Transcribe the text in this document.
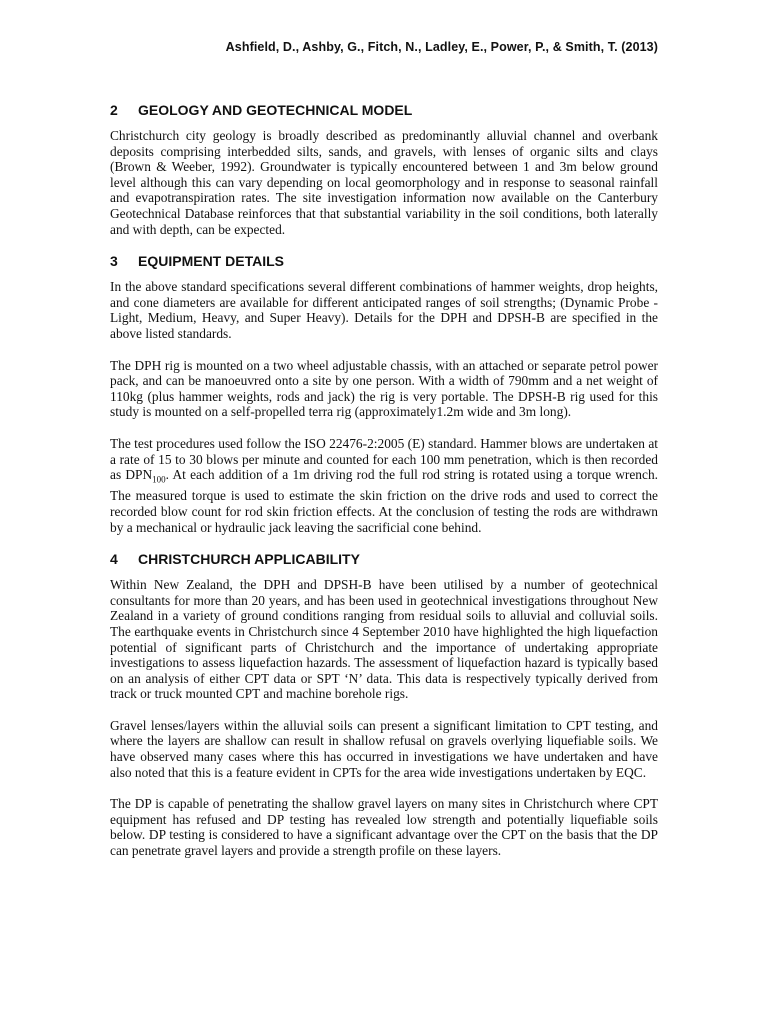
Ashfield, D., Ashby, G., Fitch, N., Ladley, E., Power, P., & Smith, T. (2013)
2 GEOLOGY AND GEOTECHNICAL MODEL

Christchurch city geology is broadly described as predominantly alluvial channel and overbank deposits comprising interbedded silts, sands, and gravels, with lenses of organic silts and clays (Brown & Weeber, 1992). Groundwater is typically encountered between 1 and 3m below ground level although this can vary depending on local geomorphology and in response to seasonal rainfall and evapotranspiration rates. The site investigation information now available on the Canterbury Geotechnical Database reinforces that that substantial variability in the soil conditions, both laterally and with depth, can be expected.

3 EQUIPMENT DETAILS

In the above standard specifications several different combinations of hammer weights, drop heights, and cone diameters are available for different anticipated ranges of soil strengths; (Dynamic Probe - Light, Medium, Heavy, and Super Heavy). Details for the DPH and DPSH-B are specified in the above listed standards.

The DPH rig is mounted on a two wheel adjustable chassis, with an attached or separate petrol power pack, and can be manoeuvred onto a site by one person. With a width of 790mm and a net weight of 110kg (plus hammer weights, rods and jack) the rig is very portable. The DPSH-B rig used for this study is mounted on a self-propelled terra rig (approximately1.2m wide and 3m long).

The test procedures used follow the ISO 22476-2:2005 (E) standard. Hammer blows are undertaken at a rate of 15 to 30 blows per minute and counted for each 100 mm penetration, which is then recorded as $DPN_{100}$. At each addition of a 1m driving rod the full rod string is rotated using a torque wrench. The measured torque is used to estimate the skin friction on the drive rods and used to correct the recorded blow count for rod skin friction effects. At the conclusion of testing the rods are withdrawn by a mechanical or hydraulic jack leaving the sacrificial cone behind.

4 CHRISTCHURCH APPLICABILITY

Within New Zealand, the DPH and DPSH-B have been utilised by a number of geotechnical consultants for more than 20 years, and has been used in geotechnical investigations throughout New Zealand in a variety of ground conditions ranging from residual soils to alluvial and colluvial soils. The earthquake events in Christchurch since 4 September 2010 have highlighted the high liquefaction potential of significant parts of Christchurch and the importance of undertaking appropriate investigations to assess liquefaction hazards. The assessment of liquefaction hazard is typically based on an analysis of either CPT data or SPT ‘N’ data. This data is respectively typically derived from track or truck mounted CPT and machine borehole rigs.

Gravel lenses/layers within the alluvial soils can present a significant limitation to CPT testing, and where the layers are shallow can result in shallow refusal on gravels overlying liquefiable soils. We have observed many cases where this has occurred in investigations we have undertaken and have also noted that this is a feature evident in CPTs for the area wide investigations undertaken by EQC.

The DP is capable of penetrating the shallow gravel layers on many sites in Christchurch where CPT equipment has refused and DP testing has revealed low strength and potentially liquefiable soils below. DP testing is considered to have a significant advantage over the CPT on the basis that the DP can penetrate gravel layers and provide a strength profile on these layers.
